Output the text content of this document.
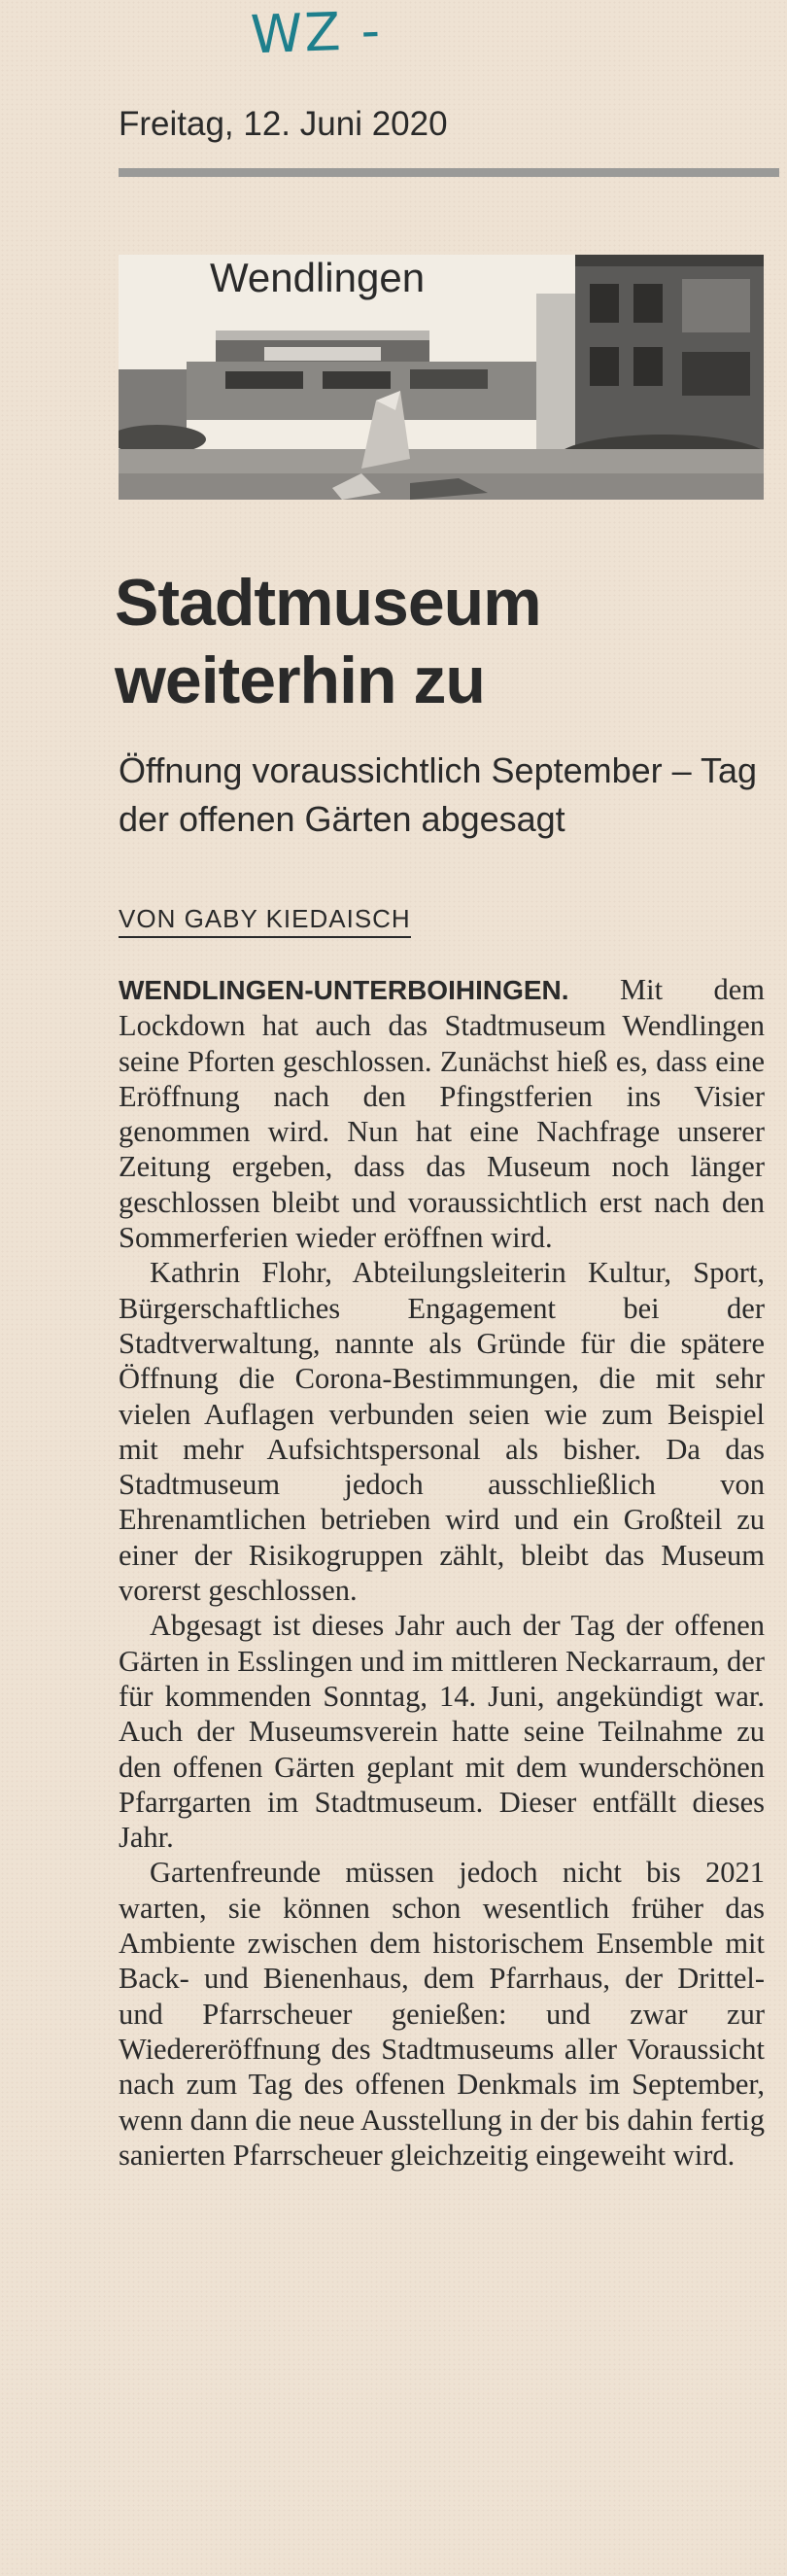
WZ -
Freitag, 12. Juni 2020
Wendlingen
Stadtmuseum weiterhin zu
Öffnung voraussichtlich September – Tag der offenen Gärten abgesagt
VON GABY KIEDAISCH

WENDLINGEN-UNTERBOIHINGEN. Mit dem Lockdown hat auch das Stadtmuseum Wendlingen seine Pforten geschlossen. Zunächst hieß es, dass eine Eröffnung nach den Pfingstferien ins Visier genommen wird. Nun hat eine Nachfrage unserer Zeitung ergeben, dass das Museum noch länger geschlossen bleibt und voraussichtlich erst nach den Sommerferien wieder eröffnen wird.

Kathrin Flohr, Abteilungsleiterin Kultur, Sport, Bürgerschaftliches Engagement bei der Stadtverwaltung, nannte als Gründe für die spätere Öffnung die Corona-Bestimmungen, die mit sehr vielen Auflagen verbunden seien wie zum Beispiel mit mehr Aufsichtspersonal als bisher. Da das Stadtmuseum jedoch ausschließlich von Ehrenamtlichen betrieben wird und ein Großteil zu einer der Risikogruppen zählt, bleibt das Museum vorerst geschlossen.

Abgesagt ist dieses Jahr auch der Tag der offenen Gärten in Esslingen und im mittleren Neckarraum, der für kommenden Sonntag, 14. Juni, angekündigt war. Auch der Museumsverein hatte seine Teilnahme zu den offenen Gärten geplant mit dem wunderschönen Pfarrgarten im Stadtmuseum. Dieser entfällt dieses Jahr.

Gartenfreunde müssen jedoch nicht bis 2021 warten, sie können schon wesentlich früher das Ambiente zwischen dem historischem Ensemble mit Back- und Bienenhaus, dem Pfarrhaus, der Drittel- und Pfarrscheuer genießen: und zwar zur Wiedereröffnung des Stadtmuseums aller Voraussicht nach zum Tag des offenen Denkmals im September, wenn dann die neue Ausstellung in der bis dahin fertig sanierten Pfarrscheuer gleichzeitig eingeweiht wird.
